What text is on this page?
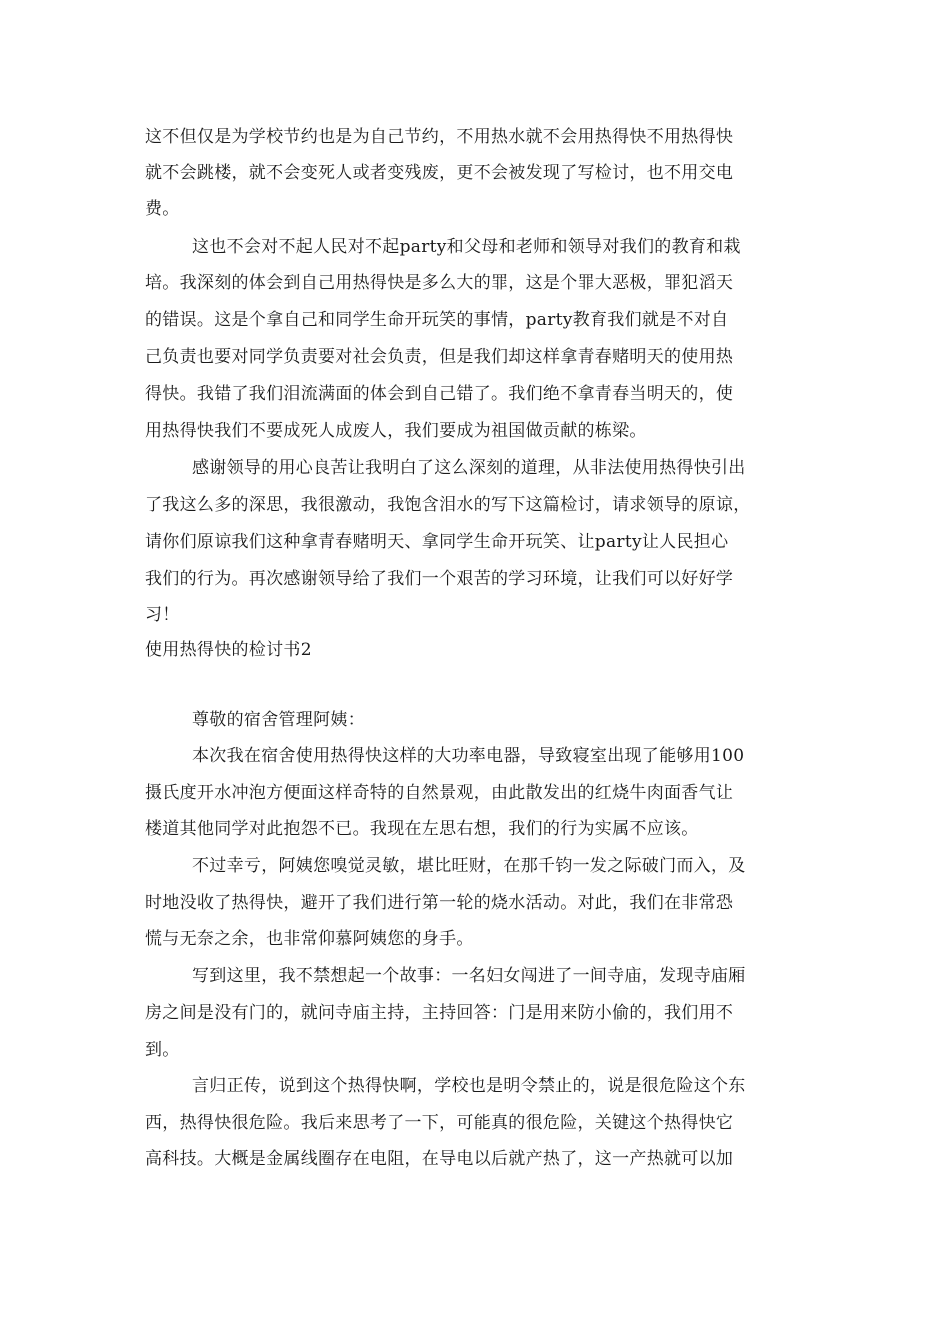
这不但仅是为学校节约也是为自己节约，不用热水就不会用热得快不用热得快
就不会跳楼，就不会变死人或者变残废，更不会被发现了写检讨，也不用交电
费。
这也不会对不起人民对不起party和父母和老师和领导对我们的教育和栽
培。我深刻的体会到自己用热得快是多么大的罪，这是个罪大恶极，罪犯滔天
的错误。这是个拿自己和同学生命开玩笑的事情，party教育我们就是不对自
己负责也要对同学负责要对社会负责，但是我们却这样拿青春赌明天的使用热
得快。我错了我们泪流满面的体会到自己错了。我们绝不拿青春当明天的，使
用热得快我们不要成死人成废人，我们要成为祖国做贡献的栋梁。
感谢领导的用心良苦让我明白了这么深刻的道理，从非法使用热得快引出
了我这么多的深思，我很激动，我饱含泪水的写下这篇检讨，请求领导的原谅，
请你们原谅我们这种拿青春赌明天、拿同学生命开玩笑、让party让人民担心
我们的行为。再次感谢领导给了我们一个艰苦的学习环境，让我们可以好好学
习！
使用热得快的检讨书2
尊敬的宿舍管理阿姨：
本次我在宿舍使用热得快这样的大功率电器，导致寝室出现了能够用100
摄氏度开水冲泡方便面这样奇特的自然景观，由此散发出的红烧牛肉面香气让
楼道其他同学对此抱怨不已。我现在左思右想，我们的行为实属不应该。
不过幸亏，阿姨您嗅觉灵敏，堪比旺财，在那千钧一发之际破门而入，及
时地没收了热得快，避开了我们进行第一轮的烧水活动。对此，我们在非常恐
慌与无奈之余，也非常仰慕阿姨您的身手。
写到这里，我不禁想起一个故事：一名妇女闯进了一间寺庙，发现寺庙厢
房之间是没有门的，就问寺庙主持，主持回答：门是用来防小偷的，我们用不
到。
言归正传，说到这个热得快啊，学校也是明令禁止的，说是很危险这个东
西，热得快很危险。我后来思考了一下，可能真的很危险，关键这个热得快它
高科技。大概是金属线圈存在电阻，在导电以后就产热了，这一产热就可以加
